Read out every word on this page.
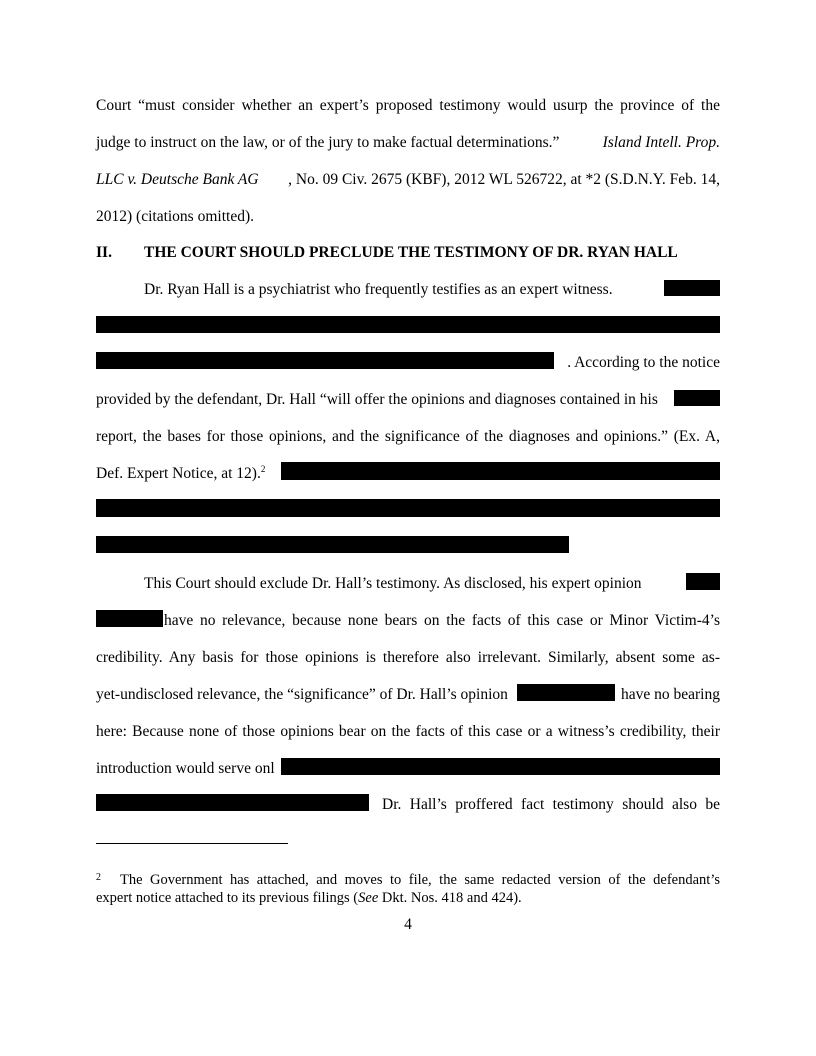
Court “must consider whether an expert’s proposed testimony would usurp the province of the
judge to instruct on the law, or of the jury to make factual determinations.”	Island Intell. Prop.
LLC v. Deutsche Bank AG , No. 09 Civ. 2675 (KBF), 2012 WL 526722, at *2 (S.D.N.Y. Feb. 14,
2012) (citations omitted).
II. THE COURT SHOULD PRECLUDE THE TESTIMONY OF DR. RYAN HALL
Dr. Ryan Hall is a psychiatrist who frequently testifies as an expert witness.
. According to the notice
provided by the defendant, Dr. Hall “will offer the opinions and diagnoses contained in his
report, the bases for those opinions, and the significance of the diagnoses and opinions.” (Ex. A,
Def. Expert Notice, at 12).$^2$
This Court should exclude Dr. Hall’s testimony. As disclosed, his expert opinion
have no relevance, because none bears on the facts of this case or Minor Victim-4’s
credibility. Any basis for those opinions is therefore also irrelevant. Similarly, absent some as-
yet-undisclosed relevance, the “significance” of Dr. Hall’s opinion	have no bearing
here: Because none of those opinions bear on the facts of this case or a witness’s credibility, their
introduction would serve onl
Dr. Hall’s proffered fact testimony should also be
2	The Government has attached, and moves to file, the same redacted version of the defendant’s
expert notice attached to its previous filings (See Dkt. Nos. 418 and 424).
4
